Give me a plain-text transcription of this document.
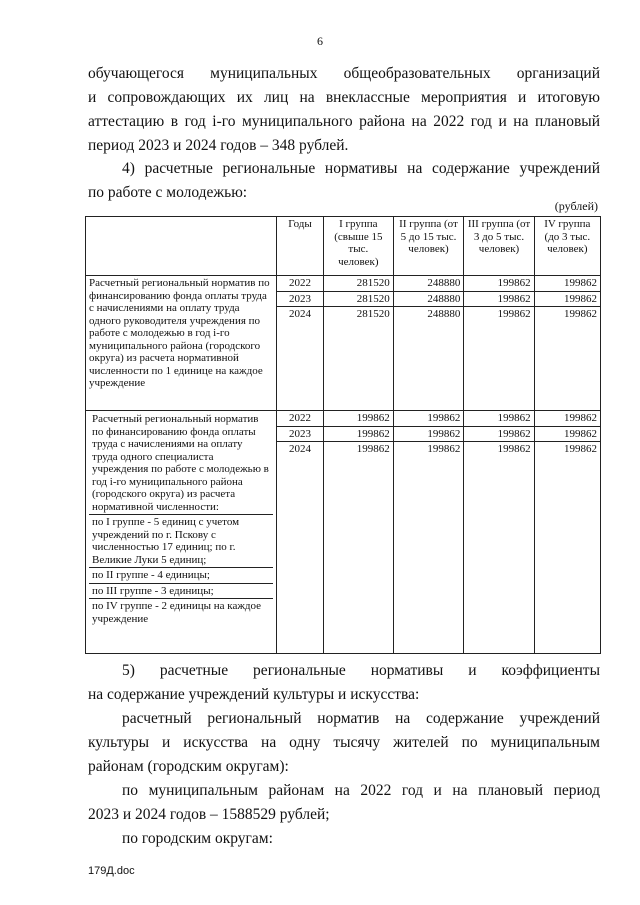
6

обучающегося муниципальных общеобразовательных организаций

и сопровождающих их лиц на внеклассные мероприятия и итоговую

аттестацию в год i-го муниципального района на 2022 год и на плановый

период 2023 и 2024 годов – 348 рублей.

4) расчетные региональные нормативы на содержание учреждений

по работе с молодежью:

(рублей)
	Годы	I группа (свыше 15 тыс. человек)	II группа (от 5 до 15 тыс. человек)	III группа (от 3 до 5 тыс. человек)	IV группа (до 3 тыс. человек)
Расчетный региональный норматив по финансированию фонда оплаты труда с начислениями на оплату труда одного руководителя учреждения по работе с молодежью в год i-го муниципального района (городского округа) из расчета нормативной численности по 1 единице на каждое учреждение	2022	281520	248880	199862	199862
	2023	281520	248880	199862	199862
	2024	281520	248880	199862	199862

Расчетный региональный норматив по финансированию фонда оплаты труда с начислениями на оплату труда одного специалиста учреждения по работе с молодежью в год i-го муниципального района (городского округа) из расчета нормативной численности:
по I группе - 5 единиц с учетом учреждений по г. Пскову с численностью 17 единиц; по г. Великие Луки 5 единиц;
по II группе - 4 единицы;
по III группе - 3 единицы;
по IV группе - 2 единицы на каждое учреждение	2022	199862	199862	199862	199862
	2023	199862	199862	199862	199862
	2024	199862	199862	199862	199862

5) расчетные региональные нормативы и коэффициенты

на содержание учреждений культуры и искусства:

расчетный региональный норматив на содержание учреждений

культуры и искусства на одну тысячу жителей по муниципальным

районам (городским округам):

по муниципальным районам на 2022 год и на плановый период

2023 и 2024 годов – 1588529 рублей;

по городским округам:

179Д.doc
